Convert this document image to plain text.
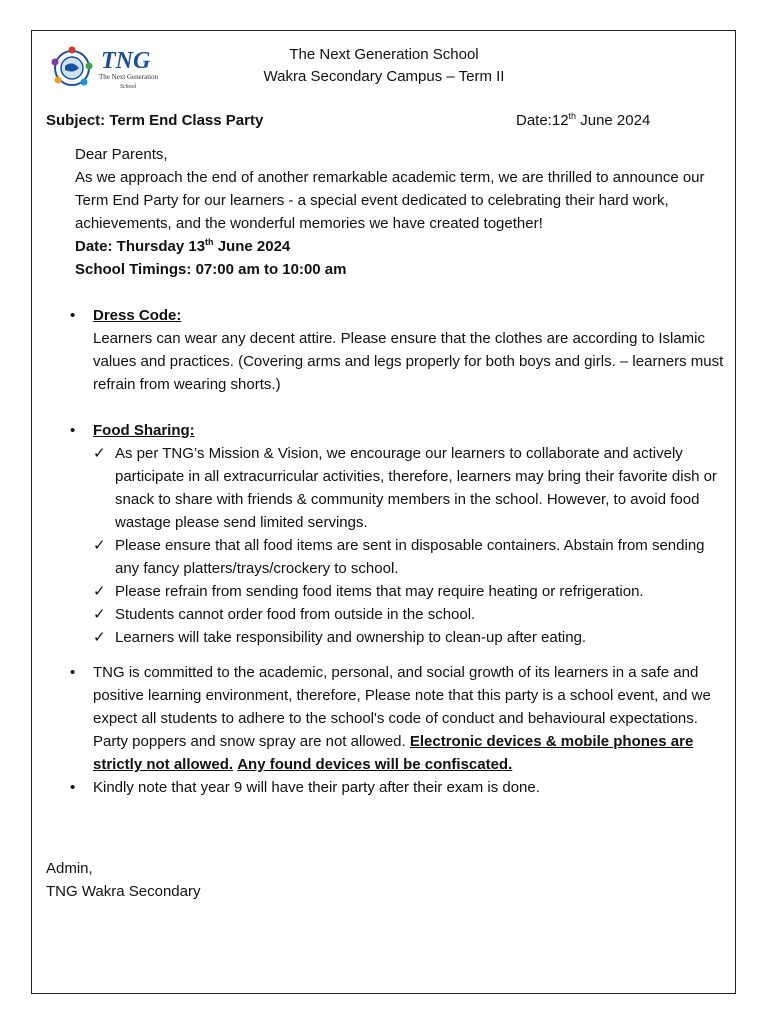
TNG
The Next Generation
School
The Next Generation School
Wakra Secondary Campus – Term II
Subject: Term End Class Party	Date:12th June 2024

Dear Parents,

As we approach the end of another remarkable academic term, we are thrilled to announce our Term End Party for our learners - a special event dedicated to celebrating their hard work, achievements, and the wonderful memories we have created together!

Date: Thursday 13th June 2024

School Timings: 07:00 am to 10:00 am

•	Dress Code:
Learners can wear any decent attire. Please ensure that the clothes are according to Islamic values and practices. (Covering arms and legs properly for both boys and girls. – learners must refrain from wearing shorts.)
•	Food Sharing:
✓ As per TNG’s Mission & Vision, we encourage our learners to collaborate and actively participate in all extracurricular activities, therefore, learners may bring their favorite dish or snack to share with friends & community members in the school. However, to avoid food wastage please send limited servings.
✓ Please ensure that all food items are sent in disposable containers. Abstain from sending any fancy platters/trays/crockery to school.
✓ Please refrain from sending food items that may require heating or refrigeration.
✓ Students cannot order food from outside in the school.
✓ Learners will take responsibility and ownership to clean-up after eating.
•	TNG is committed to the academic, personal, and social growth of its learners in a safe and positive learning environment, therefore, Please note that this party is a school event, and we expect all students to adhere to the school's code of conduct and behavioural expectations. Party poppers and snow spray are not allowed. Electronic devices & mobile phones are strictly not allowed. Any found devices will be confiscated.
•	Kindly note that year 9 will have their party after their exam is done.
Admin,
TNG Wakra Secondary
